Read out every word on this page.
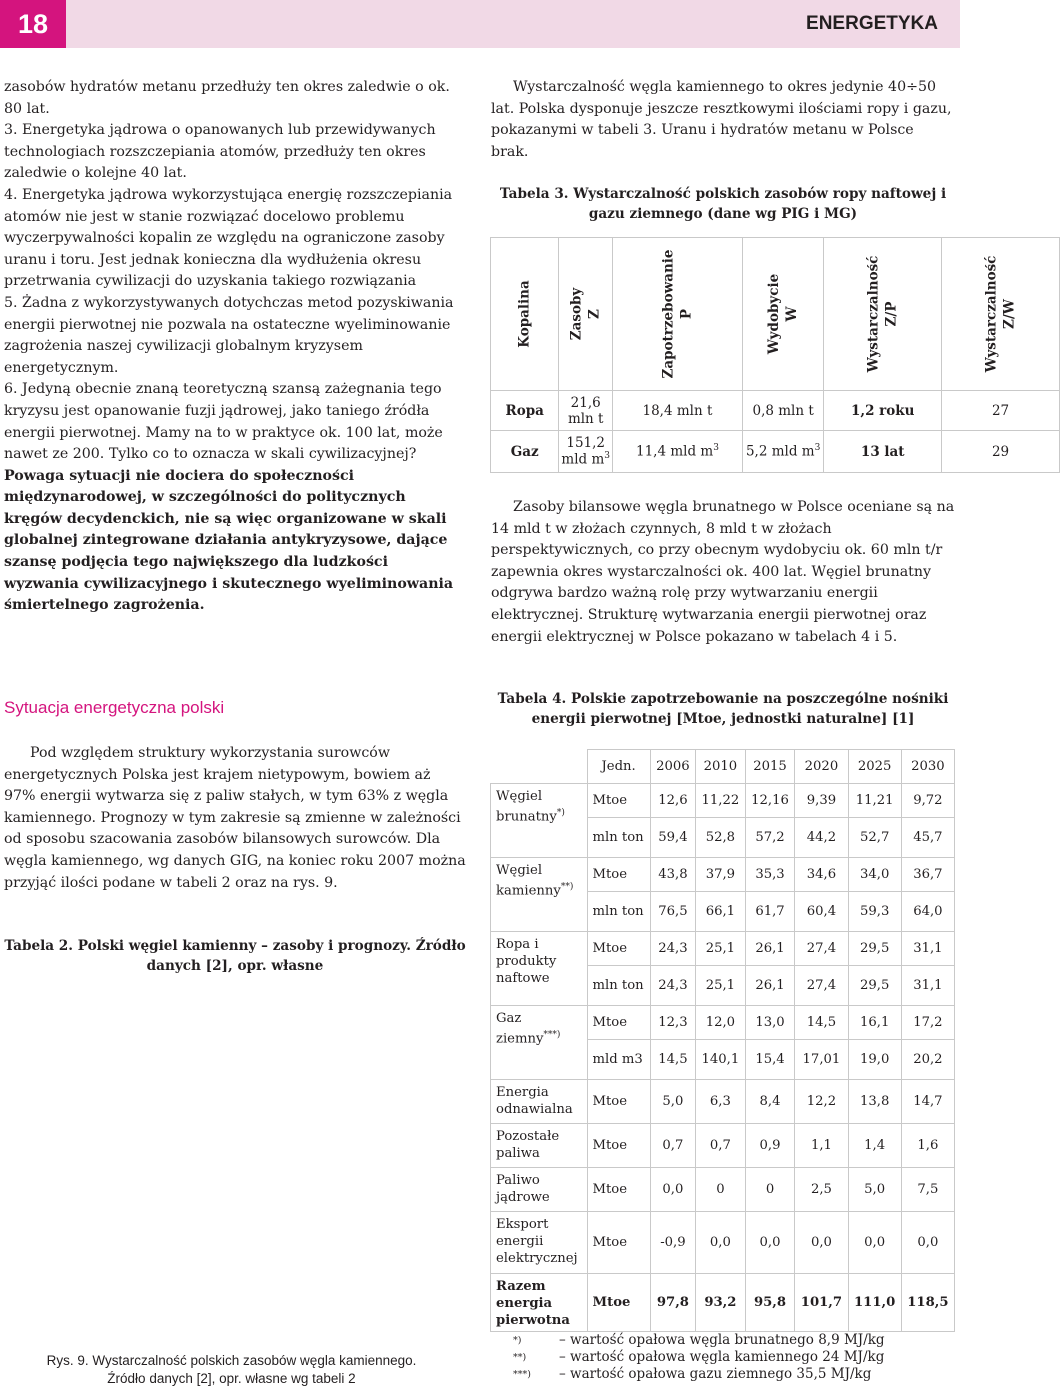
18	ENERGETYKA

zasobów hydratów metanu przedłuży ten okres zaledwie o ok. 80 lat.

3. Energetyka jądrowa o opanowanych lub przewidywanych technologiach rozszczepiania atomów, przedłuży ten okres zaledwie o kolejne 40 lat.

4. Energetyka jądrowa wykorzystująca energię rozszczepiania atomów nie jest w stanie rozwiązać docelowo problemu wyczerpywalności kopalin ze względu na ograniczone zasoby uranu i toru. Jest jednak konieczna dla wydłużenia okresu przetrwania cywilizacji do uzyskania takiego rozwiązania

5. Żadna z wykorzystywanych dotychczas metod pozyskiwania energii pierwotnej nie pozwala na ostateczne wyeliminowanie zagrożenia naszej cywilizacji globalnym kryzysem energetycznym.

6. Jedyną obecnie znaną teoretyczną szansą zażegnania tego kryzysu jest opanowanie fuzji jądrowej, jako taniego źródła energii pierwotnej. Mamy na to w praktyce ok. 100 lat, może nawet ze 200. Tylko co to oznacza w skali cywilizacyjnej?

Powaga sytuacji nie dociera do społeczności międzynarodowej, w szczególności do politycznych kręgów decydenckich, nie są więc organizowane w skali globalnej zintegrowane działania antykryzysowe, dające szansę podjęcia tego największego dla ludzkości wyzwania cywilizacyjnego i skutecznego wyeliminowania śmiertelnego zagrożenia.

Sytuacja energetyczna polski

Pod względem struktury wykorzystania surowców energetycznych Polska jest krajem nietypowym, bowiem aż 97% energii wytwarza się z paliw stałych, w tym 63% z węgla kamiennego. Prognozy w tym zakresie są zmienne w zależności od sposobu szacowania zasobów bilansowych surowców. Dla węgla kamiennego, wg danych GIG, na koniec roku 2007 można przyjąć ilości podane w tabeli 2 oraz na rys. 9.

Tabela 2. Polski węgiel kamienny – zasoby i prognozy. Źródło danych [2], opr. własne
Rys. 9. Wystarczalność polskich zasobów węgla kamiennego.
Źródło danych [2], opr. własne wg tabeli 2

Wystarczalność węgla kamiennego to okres jedynie 40÷50 lat. Polska dysponuje jeszcze resztkowymi ilościami ropy i gazu, pokazanymi w tabeli 3. Uranu i hydratów metanu w Polsce brak.

Tabela 3. Wystarczalność polskich zasobów ropy naftowej i gazu ziemnego (dane wg PIG i MG)
Kopalina	Zasoby Z	Zapotrzebowanie P	Wydobycie W	Wystarczalność Z/P	Wystarczalność Z/W
Ropa	21,6 mln t	18,4 mln t	0,8 mln t	1,2 roku	27
Gaz	151,2 mld $m^3$	11,4 mld $m^3$	5,2 mld $m^3$	13 lat	29

Zasoby bilansowe węgla brunatnego w Polsce oceniane są na 14 mld t w złożach czynnych, 8 mld t w złożach perspektywicznych, co przy obecnym wydobyciu ok. 60 mln t/r zapewnia okres wystarczalności ok. 400 lat. Węgiel brunatny odgrywa bardzo ważną rolę przy wytwarzaniu energii elektrycznej. Strukturę wytwarzania energii pierwotnej oraz energii elektrycznej w Polsce pokazano w tabelach 4 i 5.

Tabela 4. Polskie zapotrzebowanie na poszczególne nośniki energii pierwotnej [Mtoe, jednostki naturalne] [1]
	Jedn.	2006	2010	2015	2020	2025	2030
Węgiel brunatny*)	Mtoe	12,6	11,22	12,16	9,39	11,21	9,72
	mln ton	59,4	52,8	57,2	44,2	52,7	45,7
Węgiel kamienny**)	Mtoe	43,8	37,9	35,3	34,6	34,0	36,7
	mln ton	76,5	66,1	61,7	60,4	59,3	64,0
Ropa i produkty naftowe	Mtoe	24,3	25,1	26,1	27,4	29,5	31,1
	mln ton	24,3	25,1	26,1	27,4	29,5	31,1
Gaz ziemny***)	Mtoe	12,3	12,0	13,0	14,5	16,1	17,2
	mld m3	14,5	140,1	15,4	17,01	19,0	20,2
Energia odnawialna	Mtoe	5,0	6,3	8,4	12,2	13,8	14,7
Pozostałe paliwa	Mtoe	0,7	0,7	0,9	1,1	1,4	1,6
Paliwo jądrowe	Mtoe	0,0	0	0	2,5	5,0	7,5
Eksport energii elektrycznej	Mtoe	-0,9	0,0	0,0	0,0	0,0	0,0
Razem energia pierwotna	Mtoe	97,8	93,2	95,8	101,7	111,0	118,5
*)	– wartość opałowa węgla brunatnego 8,9 MJ/kg
**) – wartość opałowa węgla kamiennego 24 MJ/kg
***) – wartość opałowa gazu ziemnego 35,5 MJ/kg
